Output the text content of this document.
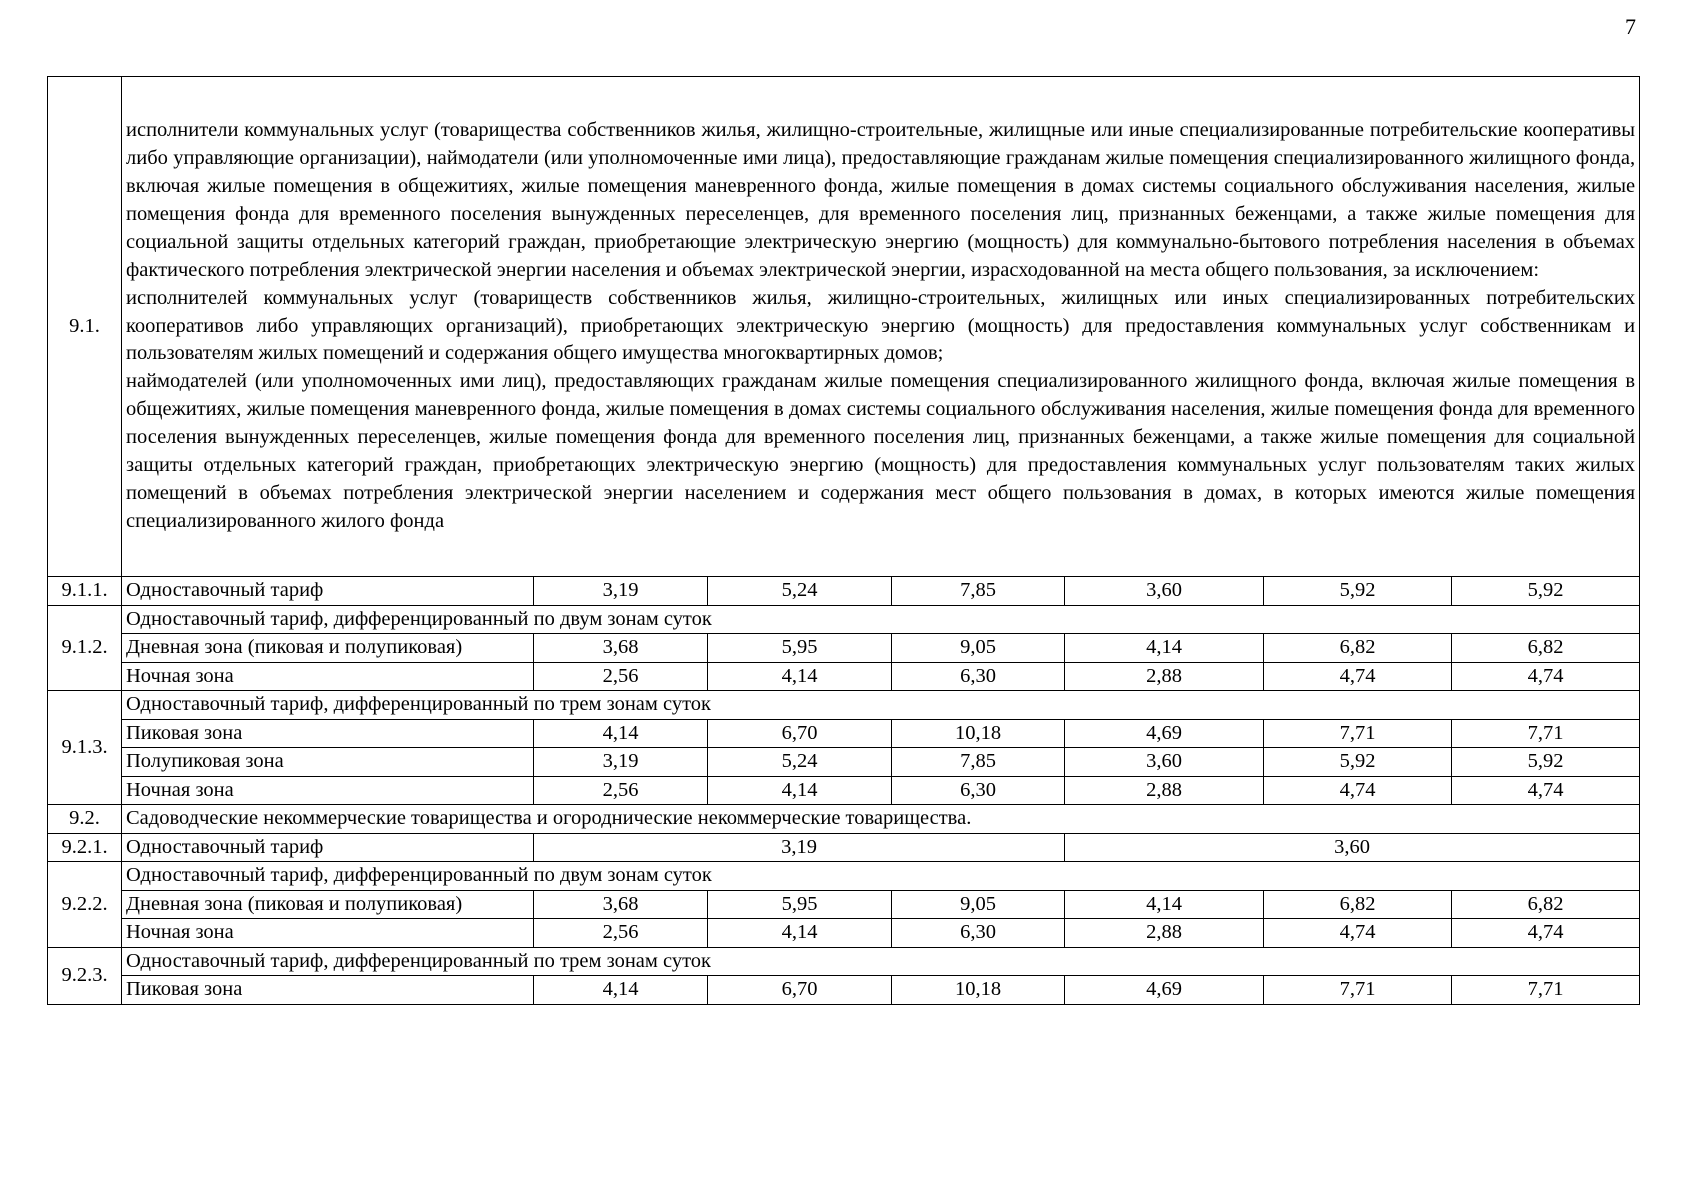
7
9.1.	исполнители коммунальных услуг (товарищества собственников жилья, жилищно-строительные, жилищные или иные специализированные потребительские кооперативы либо управляющие организации), наймодатели (или уполномоченные ими лица), предоставляющие гражданам жилые помещения специализированного жилищного фонда, включая жилые помещения в общежитиях, жилые помещения маневренного фонда, жилые помещения в домах системы социального обслуживания населения, жилые помещения фонда для временного поселения вынужденных переселенцев, для временного поселения лиц, признанных беженцами, а также жилые помещения для социальной защиты отдельных категорий граждан, приобретающие электрическую энергию (мощность) для коммунально-бытового потребления населения в объемах фактического потребления электрической энергии населения и объемах электрической энергии, израсходованной на места общего пользования, за исключением:

исполнителей коммунальных услуг (товариществ собственников жилья, жилищно-строительных, жилищных или иных специализированных потребительских кооперативов либо управляющих организаций), приобретающих электрическую энергию (мощность) для предоставления коммунальных услуг собственникам и пользователям жилых помещений и содержания общего имущества многоквартирных домов;

наймодателей (или уполномоченных ими лиц), предоставляющих гражданам жилые помещения специализированного жилищного фонда, включая жилые помещения в общежитиях, жилые помещения маневренного фонда, жилые помещения в домах системы социального обслуживания населения, жилые помещения фонда для временного поселения вынужденных переселенцев, жилые помещения фонда для временного поселения лиц, признанных беженцами, а также жилые помещения для социальной защиты отдельных категорий граждан, приобретающих электрическую энергию (мощность) для предоставления коммунальных услуг пользователям таких жилых помещений в объемах потребления электрической энергии населением и содержания мест общего пользования в домах, в которых имеются жилые помещения специализированного жилого фонда						

9.1.1.	Одноставочный тариф	3,19	5,24	7,85	3,60	5,92	5,92
9.1.2.	Одноставочный тариф, дифференцированный по двум зонам суток						
	Дневная зона (пиковая и полупиковая)	3,68	5,95	9,05	4,14	6,82	6,82
	Ночная зона	2,56	4,14	6,30	2,88	4,74	4,74
9.1.3.	Одноставочный тариф, дифференцированный по трем зонам суток						
	Пиковая зона	4,14	6,70	10,18	4,69	7,71	7,71
	Полупиковая зона	3,19	5,24	7,85	3,60	5,92	5,92
	Ночная зона	2,56	4,14	6,30	2,88	4,74	4,74
9.2.	Садоводческие некоммерческие товарищества и огороднические некоммерческие товарищества.						
9.2.1.	Одноставочный тариф	3,19			3,60		
9.2.2.	Одноставочный тариф, дифференцированный по двум зонам суток						
	Дневная зона (пиковая и полупиковая)	3,68	5,95	9,05	4,14	6,82	6,82
	Ночная зона	2,56	4,14	6,30	2,88	4,74	4,74
9.2.3.	Одноставочный тариф, дифференцированный по трем зонам суток						
	Пиковая зона	4,14	6,70	10,18	4,69	7,71	7,71
